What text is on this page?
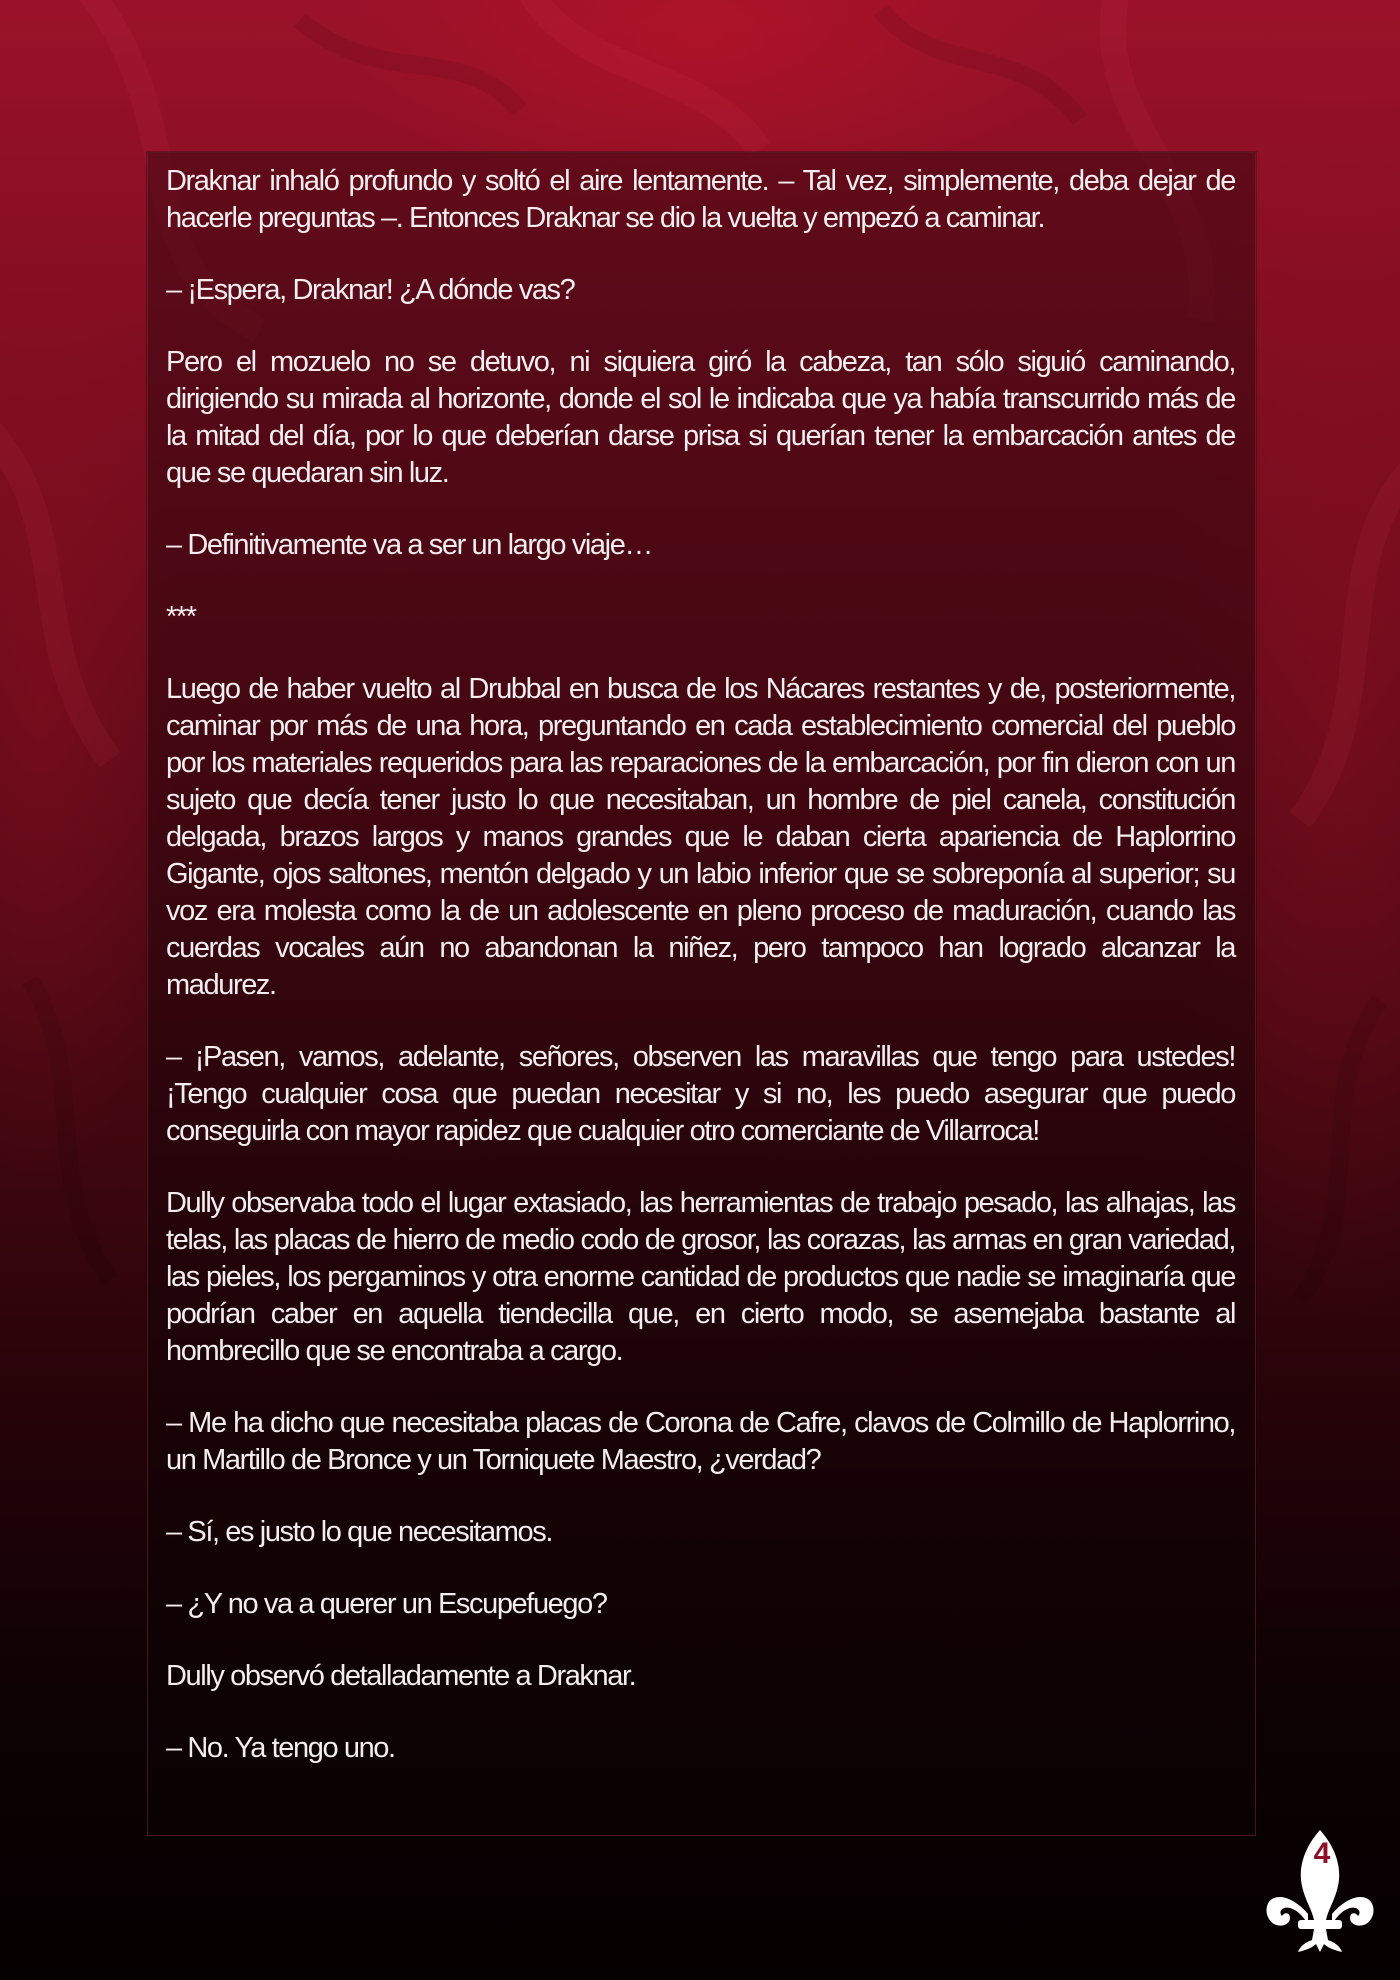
Draknar inhaló profundo y soltó el aire lentamente. – Tal vez, simplemente, deba dejar de hacerle preguntas –. Entonces Draknar se dio la vuelta y empezó a caminar.

– ¡Espera, Draknar! ¿A dónde vas?

Pero el mozuelo no se detuvo, ni siquiera giró la cabeza, tan sólo siguió caminando, dirigiendo su mirada al horizonte, donde el sol le indicaba que ya había transcurrido más de la mitad del día, por lo que deberían darse prisa si querían tener la embarcación antes de que se quedaran sin luz.

– Definitivamente va a ser un largo viaje…

***

Luego de haber vuelto al Drubbal en busca de los Nácares restantes y de, posteriormente, caminar por más de una hora, preguntando en cada establecimiento comercial del pueblo por los materiales requeridos para las reparaciones de la embarcación, por fin dieron con un sujeto que decía tener justo lo que necesitaban, un hombre de piel canela, constitución delgada, brazos largos y manos grandes que le daban cierta apariencia de Haplorrino Gigante, ojos saltones, mentón delgado y un labio inferior que se sobreponía al superior; su voz era molesta como la de un adolescente en pleno proceso de maduración, cuando las cuerdas vocales aún no abandonan la niñez, pero tampoco han logrado alcanzar la madurez.

– ¡Pasen, vamos, adelante, señores, observen las maravillas que tengo para ustedes! ¡Tengo cualquier cosa que puedan necesitar y si no, les puedo asegurar que puedo conseguirla con mayor rapidez que cualquier otro comerciante de Villarroca!

Dully observaba todo el lugar extasiado, las herramientas de trabajo pesado, las alhajas, las telas, las placas de hierro de medio codo de grosor, las corazas, las armas en gran variedad, las pieles, los pergaminos y otra enorme cantidad de productos que nadie se imaginaría que podrían caber en aquella tiendecilla que, en cierto modo, se asemejaba bastante al hombrecillo que se encontraba a cargo.

– Me ha dicho que necesitaba placas de Corona de Cafre, clavos de Colmillo de Haplorrino, un Martillo de Bronce y un Torniquete Maestro, ¿verdad?

– Sí, es justo lo que necesitamos.

– ¿Y no va a querer un Escupefuego?

Dully observó detalladamente a Draknar.

– No. Ya tengo uno.

4
